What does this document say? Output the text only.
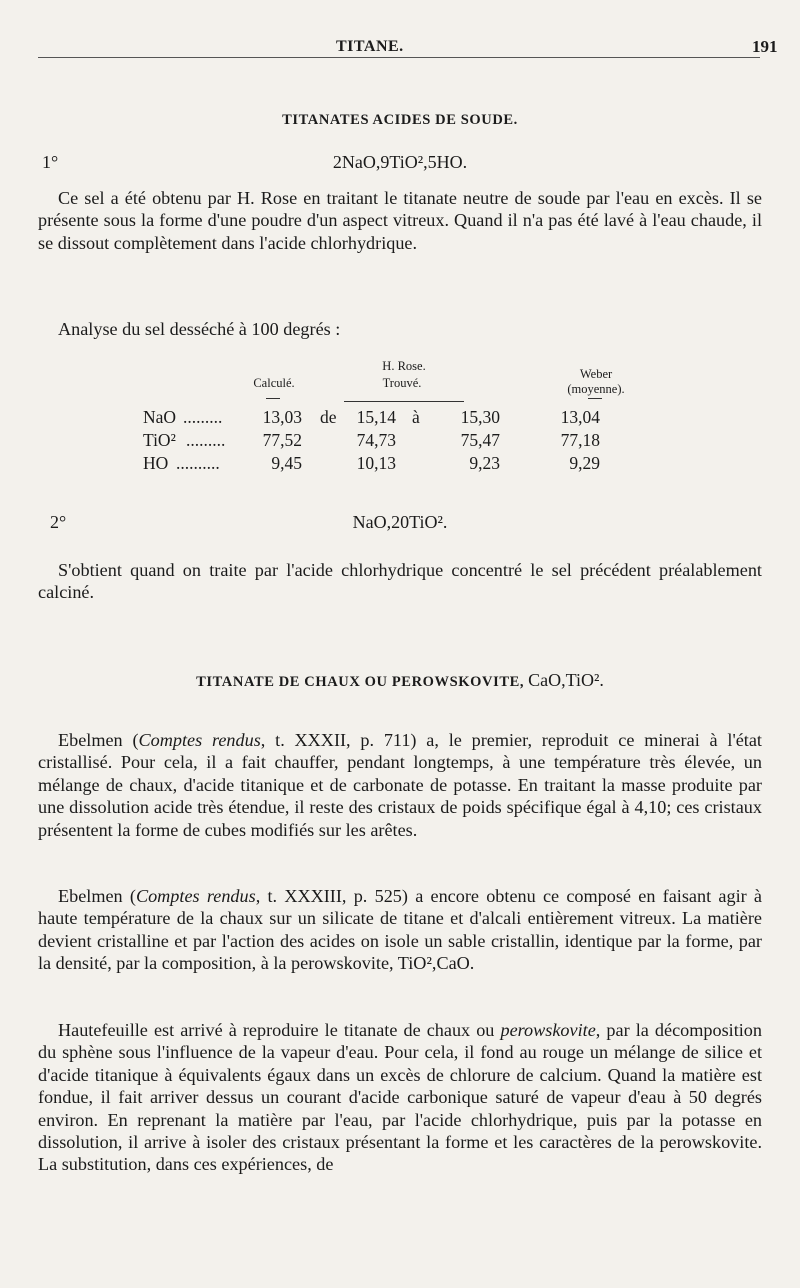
TITANE.	191
TITANATES ACIDES DE SOUDE.
1°	2NaO,9TiO²,5HO.
Ce sel a été obtenu par H. Rose en traitant le titanate neutre de soude par l'eau en excès. Il se présente sous la forme d'une poudre d'un aspect vitreux. Quand il n'a pas été lavé à l'eau chaude, il se dissout complètement dans l'acide chlorhydrique.
Analyse du sel desséché à 100 degrés :
H. Rose.
Calculé.	Trouvé.
Weber
(moyenne).
NaO .........	13,03 de	15,14 à	15,30	13,04
TiO² .........	77,52	74,73	75,47	77,18
HO ..........	9,45	10,13	9,23	9,29
2°	NaO,20TiO².
S'obtient quand on traite par l'acide chlorhydrique concentré le sel précédent préalablement calciné.
TITANATE DE CHAUX OU PEROWSKOVITE, CaO,TiO².
Ebelmen (Comptes rendus, t. XXXII, p. 711) a, le premier, reproduit ce minerai à l'état cristallisé. Pour cela, il a fait chauffer, pendant longtemps, à une température très élevée, un mélange de chaux, d'acide titanique et de carbonate de potasse. En traitant la masse produite par une dissolution acide très étendue, il reste des cristaux de poids spécifique égal à 4,10; ces cristaux présentent la forme de cubes modifiés sur les arêtes.
Ebelmen (Comptes rendus, t. XXXIII, p. 525) a encore obtenu ce composé en faisant agir à haute température de la chaux sur un silicate de titane et d'alcali entièrement vitreux. La matière devient cristalline et par l'action des acides on isole un sable cristallin, identique par la forme, par la densité, par la composition, à la perowskovite, TiO²,CaO.
Hautefeuille est arrivé à reproduire le titanate de chaux ou perowskovite, par la décomposition du sphène sous l'influence de la vapeur d'eau. Pour cela, il fond au rouge un mélange de silice et d'acide titanique à équivalents égaux dans un excès de chlorure de calcium. Quand la matière est fondue, il fait arriver dessus un courant d'acide carbonique saturé de vapeur d'eau à 50 degrés environ. En reprenant la matière par l'eau, par l'acide chlorhydrique, puis par la potasse en dissolution, il arrive à isoler des cristaux présentant la forme et les caractères de la perowskovite. La substitution, dans ces expériences, de
